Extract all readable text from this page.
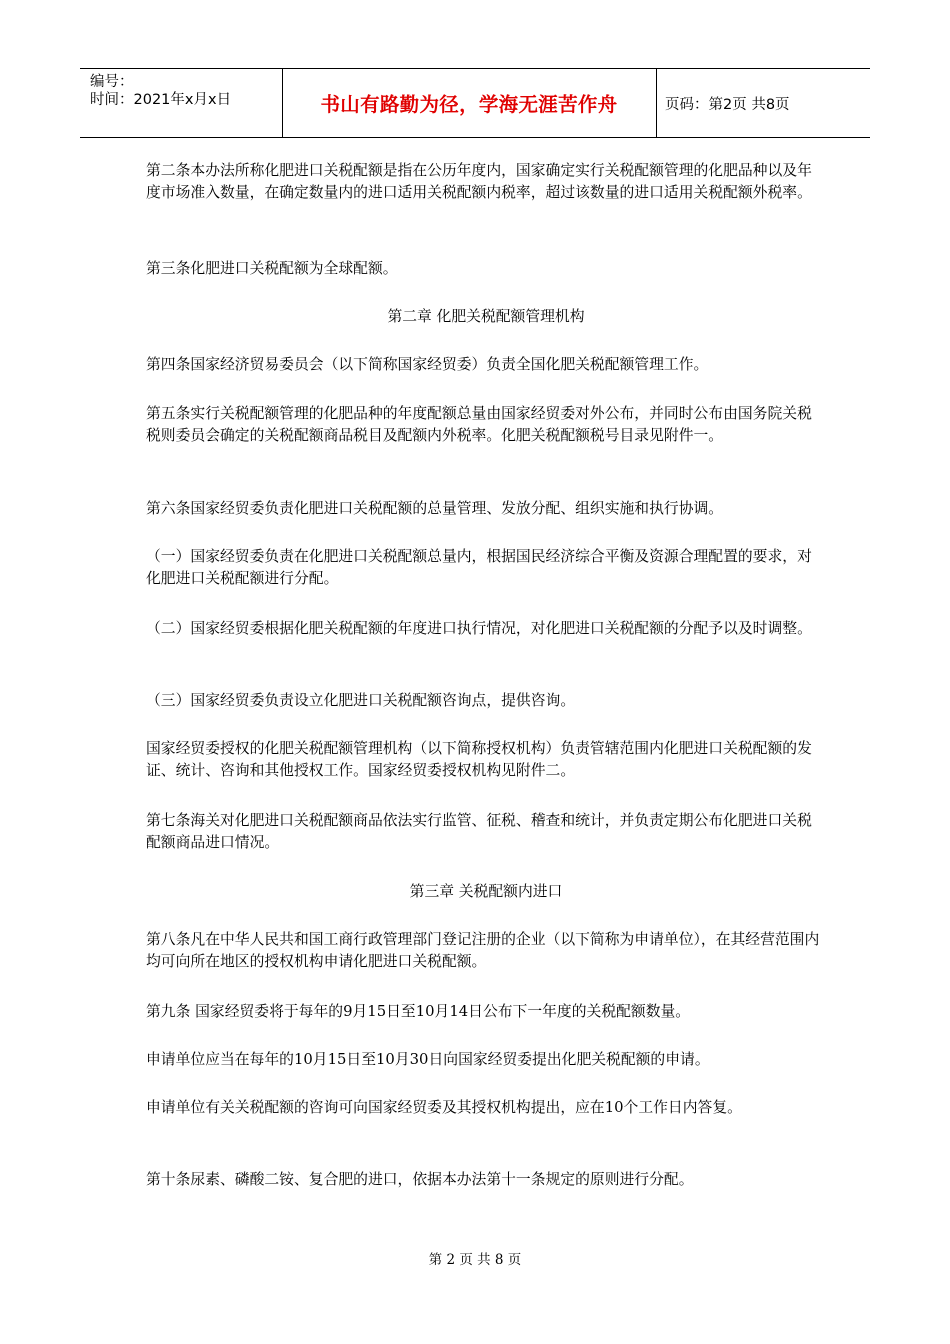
编号：
时间：2021年x月x日	书山有路勤为径，学海无涯苦作舟	页码：第2页 共8页

第二条本办法所称化肥进口关税配额是指在公历年度内，国家确定实行关税配额管理的化肥品种以及年度市场准入数量，在确定数量内的进口适用关税配额内税率，超过该数量的进口适用关税配额外税率。

第三条化肥进口关税配额为全球配额。

第二章 化肥关税配额管理机构

第四条国家经济贸易委员会（以下简称国家经贸委）负责全国化肥关税配额管理工作。

第五条实行关税配额管理的化肥品种的年度配额总量由国家经贸委对外公布，并同时公布由国务院关税税则委员会确定的关税配额商品税目及配额内外税率。化肥关税配额税号目录见附件一。

第六条国家经贸委负责化肥进口关税配额的总量管理、发放分配、组织实施和执行协调。

（一）国家经贸委负责在化肥进口关税配额总量内，根据国民经济综合平衡及资源合理配置的要求，对化肥进口关税配额进行分配。

（二）国家经贸委根据化肥关税配额的年度进口执行情况，对化肥进口关税配额的分配予以及时调整。

（三）国家经贸委负责设立化肥进口关税配额咨询点，提供咨询。

国家经贸委授权的化肥关税配额管理机构（以下简称授权机构）负责管辖范围内化肥进口关税配额的发证、统计、咨询和其他授权工作。国家经贸委授权机构见附件二。

第七条海关对化肥进口关税配额商品依法实行监管、征税、稽查和统计，并负责定期公布化肥进口关税配额商品进口情况。

第三章 关税配额内进口

第八条凡在中华人民共和国工商行政管理部门登记注册的企业（以下简称为申请单位），在其经营范围内均可向所在地区的授权机构申请化肥进口关税配额。

第九条 国家经贸委将于每年的9月15日至10月14日公布下一年度的关税配额数量。

申请单位应当在每年的10月15日至10月30日向国家经贸委提出化肥关税配额的申请。

申请单位有关关税配额的咨询可向国家经贸委及其授权机构提出，应在10个工作日内答复。

第十条尿素、磷酸二铵、复合肥的进口，依据本办法第十一条规定的原则进行分配。

第 2 页 共 8 页
